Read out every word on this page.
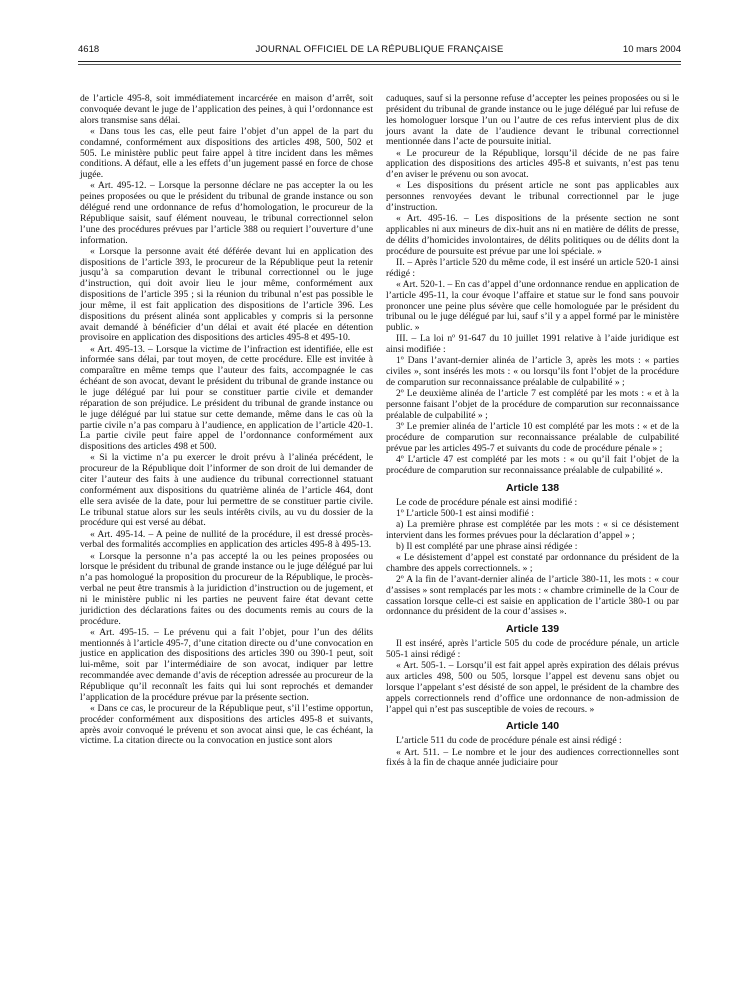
4618	JOURNAL OFFICIEL DE LA RÉPUBLIQUE FRANÇAISE	10 mars 2004

de l’article 495-8, soit immédiatement incarcérée en maison d’arrêt, soit convoquée devant le juge de l’application des peines, à qui l’ordonnance est alors transmise sans délai.

« Dans tous les cas, elle peut faire l’objet d’un appel de la part du condamné, conformément aux dispositions des articles 498, 500, 502 et 505. Le ministère public peut faire appel à titre incident dans les mêmes conditions. A défaut, elle a les effets d’un jugement passé en force de chose jugée.

« Art. 495-12. – Lorsque la personne déclare ne pas accepter la ou les peines proposées ou que le président du tribunal de grande instance ou son délégué rend une ordonnance de refus d’homologation, le procureur de la République saisit, sauf élément nouveau, le tribunal correctionnel selon l’une des procédures prévues par l’article 388 ou requiert l’ouverture d’une information.

« Lorsque la personne avait été déférée devant lui en application des dispositions de l’article 393, le procureur de la République peut la retenir jusqu’à sa comparution devant le tribunal correctionnel ou le juge d’instruction, qui doit avoir lieu le jour même, conformément aux dispositions de l’article 395 ; si la réunion du tribunal n’est pas possible le jour même, il est fait application des dispositions de l’article 396. Les dispositions du présent alinéa sont applicables y compris si la personne avait demandé à bénéficier d’un délai et avait été placée en détention provisoire en application des dispositions des articles 495-8 et 495-10.

« Art. 495-13. – Lorsque la victime de l’infraction est identifiée, elle est informée sans délai, par tout moyen, de cette procédure. Elle est invitée à comparaître en même temps que l’auteur des faits, accompagnée le cas échéant de son avocat, devant le président du tribunal de grande instance ou le juge délégué par lui pour se constituer partie civile et demander réparation de son préjudice. Le président du tribunal de grande instance ou le juge délégué par lui statue sur cette demande, même dans le cas où la partie civile n’a pas comparu à l’audience, en application de l’article 420-1. La partie civile peut faire appel de l’ordonnance conformément aux dispositions des articles 498 et 500.

« Si la victime n’a pu exercer le droit prévu à l’alinéa précédent, le procureur de la République doit l’informer de son droit de lui demander de citer l’auteur des faits à une audience du tribunal correctionnel statuant conformément aux dispositions du quatrième alinéa de l’article 464, dont elle sera avisée de la date, pour lui permettre de se constituer partie civile. Le tribunal statue alors sur les seuls intérêts civils, au vu du dossier de la procédure qui est versé au débat.

« Art. 495-14. – A peine de nullité de la procédure, il est dressé procès-verbal des formalités accomplies en application des articles 495-8 à 495-13.

« Lorsque la personne n’a pas accepté la ou les peines proposées ou lorsque le président du tribunal de grande instance ou le juge délégué par lui n’a pas homologué la proposition du procureur de la République, le procès-verbal ne peut être transmis à la juridiction d’instruction ou de jugement, et ni le ministère public ni les parties ne peuvent faire état devant cette juridiction des déclarations faites ou des documents remis au cours de la procédure.

« Art. 495-15. – Le prévenu qui a fait l’objet, pour l’un des délits mentionnés à l’article 495-7, d’une citation directe ou d’une convocation en justice en application des dispositions des articles 390 ou 390-1 peut, soit lui-même, soit par l’intermédiaire de son avocat, indiquer par lettre recommandée avec demande d’avis de réception adressée au procureur de la République qu’il reconnaît les faits qui lui sont reprochés et demander l’application de la procédure prévue par la présente section.

« Dans ce cas, le procureur de la République peut, s’il l’estime opportun, procéder conformément aux dispositions des articles 495-8 et suivants, après avoir convoqué le prévenu et son avocat ainsi que, le cas échéant, la victime. La citation directe ou la convocation en justice sont alors

caduques, sauf si la personne refuse d’accepter les peines proposées ou si le président du tribunal de grande instance ou le juge délégué par lui refuse de les homologuer lorsque l’un ou l’autre de ces refus intervient plus de dix jours avant la date de l’audience devant le tribunal correctionnel mentionnée dans l’acte de poursuite initial.

« Le procureur de la République, lorsqu’il décide de ne pas faire application des dispositions des articles 495-8 et suivants, n’est pas tenu d’en aviser le prévenu ou son avocat.

« Les dispositions du présent article ne sont pas applicables aux personnes renvoyées devant le tribunal correctionnel par le juge d’instruction.

« Art. 495-16. – Les dispositions de la présente section ne sont applicables ni aux mineurs de dix-huit ans ni en matière de délits de presse, de délits d’homicides involontaires, de délits politiques ou de délits dont la procédure de poursuite est prévue par une loi spéciale. »

II. – Après l’article 520 du même code, il est inséré un article 520-1 ainsi rédigé :

« Art. 520-1. – En cas d’appel d’une ordonnance rendue en application de l’article 495-11, la cour évoque l’affaire et statue sur le fond sans pouvoir prononcer une peine plus sévère que celle homologuée par le président du tribunal ou le juge délégué par lui, sauf s’il y a appel formé par le ministère public. »

III. – La loi nº 91-647 du 10 juillet 1991 relative à l’aide juridique est ainsi modifiée :

1º Dans l’avant-dernier alinéa de l’article 3, après les mots : « parties civiles », sont insérés les mots : « ou lorsqu’ils font l’objet de la procédure de comparution sur reconnaissance préalable de culpabilité » ;

2º Le deuxième alinéa de l’article 7 est complété par les mots : « et à la personne faisant l’objet de la procédure de comparution sur reconnaissance préalable de culpabilité » ;

3º Le premier alinéa de l’article 10 est complété par les mots : « et de la procédure de comparution sur reconnaissance préalable de culpabilité prévue par les articles 495-7 et suivants du code de procédure pénale » ;

4º L’article 47 est complété par les mots : « ou qu’il fait l’objet de la procédure de comparution sur reconnaissance préalable de culpabilité ».

Article 138

Le code de procédure pénale est ainsi modifié :

1º L’article 500-1 est ainsi modifié :

a) La première phrase est complétée par les mots : « si ce désistement intervient dans les formes prévues pour la déclaration d’appel » ;

b) Il est complété par une phrase ainsi rédigée :

« Le désistement d’appel est constaté par ordonnance du président de la chambre des appels correctionnels. » ;

2º A la fin de l’avant-dernier alinéa de l’article 380-11, les mots : « cour d’assises » sont remplacés par les mots : « chambre criminelle de la Cour de cassation lorsque celle-ci est saisie en application de l’article 380-1 ou par ordonnance du président de la cour d’assises ».

Article 139

Il est inséré, après l’article 505 du code de procédure pénale, un article 505-1 ainsi rédigé :

« Art. 505-1. – Lorsqu’il est fait appel après expiration des délais prévus aux articles 498, 500 ou 505, lorsque l’appel est devenu sans objet ou lorsque l’appelant s’est désisté de son appel, le président de la chambre des appels correctionnels rend d’office une ordonnance de non-admission de l’appel qui n’est pas susceptible de voies de recours. »

Article 140

L’article 511 du code de procédure pénale est ainsi rédigé :

« Art. 511. – Le nombre et le jour des audiences correctionnelles sont fixés à la fin de chaque année judiciaire pour
